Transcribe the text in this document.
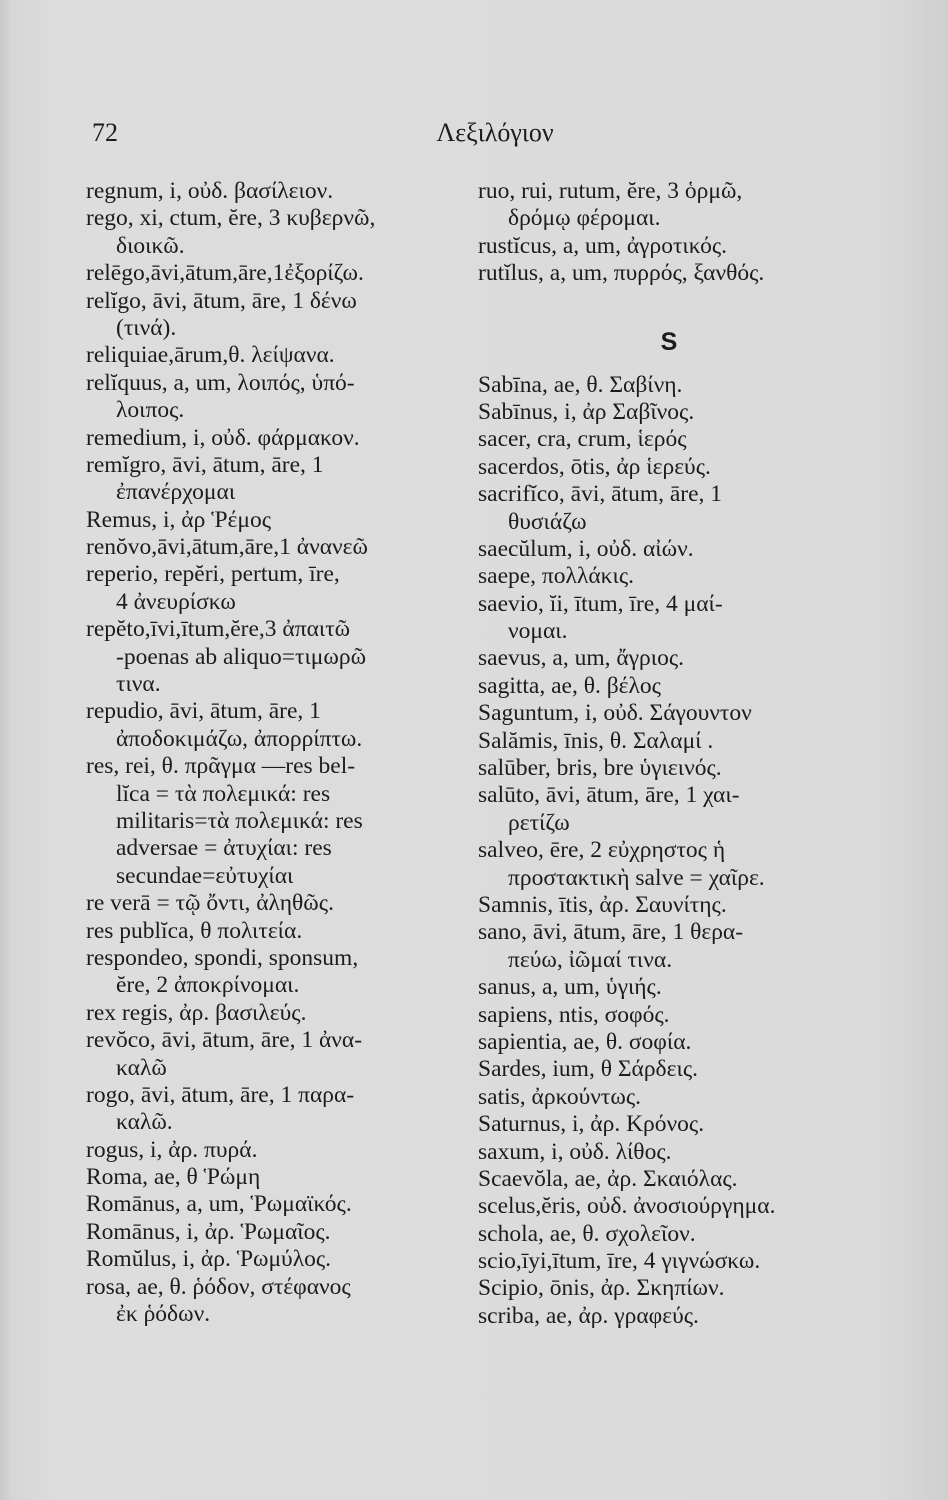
72	Λεξιλόγιον
regnum, i, οὐδ. βασίλειον.
rego, xi, ctum, ĕre, 3 κυβερνῶ,
διοικῶ.
relēgo,āvi,ātum,āre,1ἐξορίζω.
relĭgo, āvi, ātum, āre, 1 δένω
(τινά).
reliquiae,ārum,θ. λείψανα.
relĭquus, a, um, λοιπός, ὑπό-
λοιπος.
remedium, i, οὐδ. φάρμακον.
remĭgro, āvi, ātum, āre, 1
ἐπανέρχομαι
Remus, i, ἀρ Ῥέμος
renŏvo,āvi,ātum,āre,1 ἀνανεῶ
reperio, repĕri, pertum, īre,
4 ἀνευρίσκω
repĕto,īvi,ītum,ĕre,3 ἀπαιτῶ
-poenas ab aliquo=τιμωρῶ
τινα.
repudio, āvi, ātum, āre, 1
ἀποδοκιμάζω, ἀπορρίπτω.
res, rei, θ. πρᾶγμα —res bel-
lĭca = τὰ πολεμικά: res
militaris=τὰ πολεμικά: res
adversae = ἀτυχίαι: res
secundae=εὐτυχίαι
re verā = τῷ ὄντι, ἀληθῶς.
res publĭca, θ πολιτεία.
respondeo, spondi, sponsum,
ĕre, 2 ἀποκρίνομαι.
rex regis, ἀρ. βασιλεύς.
revŏco, āvi, ātum, āre, 1 ἀνα-
καλῶ
rogo, āvi, ātum, āre, 1 παρα-
καλῶ.
rogus, i, ἀρ. πυρά.
Roma, ae, θ Ῥώμη
Romānus, a, um, Ῥωμαϊκός.
Romānus, i, ἀρ. Ῥωμαῖος.
Romŭlus, i, ἀρ. Ῥωμύλος.
rosa, ae, θ. ῥόδον, στέφανος
ἐκ ῥόδων.
ruo, rui, rutum, ĕre, 3 ὁρμῶ,
δρόμῳ φέρομαι.
rustĭcus, a, um, ἀγροτικός.
rutĭlus, a, um, πυρρός, ξανθός.
S
Sabīna, ae, θ. Σαβίνη.
Sabīnus, i, ἀρ Σαβῖνος.
sacer, cra, crum, ἱερός
sacerdos, ōtis, ἀρ ἱερεύς.
sacrifĭco, āvi, ātum, āre, 1
θυσιάζω
saecŭlum, i, οὐδ. αἰών.
saepe, πολλάκις.
saevio, ĭi, ītum, īre, 4 μαί-
νομαι.
saevus, a, um, ἄγριος.
sagitta, ae, θ. βέλος
Saguntum, i, οὐδ. Σάγουντον
Salămis, īnis, θ. Σαλαμί .
salūber, bris, bre ὑγιεινός.
salūto, āvi, ātum, āre, 1 χαι-
ρετίζω
salveo, ēre, 2 εὐχρηστος ἡ
προστακτικὴ salve = χαῖρε.
Samnis, ītis, ἀρ. Σαυνίτης.
sano, āvi, ātum, āre, 1 θερα-
πεύω, ἰῶμαί τινα.
sanus, a, um, ὑγιής.
sapiens, ntis, σοφός.
sapientia, ae, θ. σοφία.
Sardes, ium, θ Σάρδεις.
satis, ἀρκούντως.
Saturnus, i, ἀρ. Κρόνος.
saxum, i, οὐδ. λίθος.
Scaevŏla, ae, ἀρ. Σκαιόλας.
scelus,ĕris, οὐδ. ἀνοσιούργημα.
schola, ae, θ. σχολεῖον.
scio,īyi,ītum, īre, 4 γιγνώσκω.
Scipio, ōnis, ἀρ. Σκηπίων.
scriba, ae, ἀρ. γραφεύς.
